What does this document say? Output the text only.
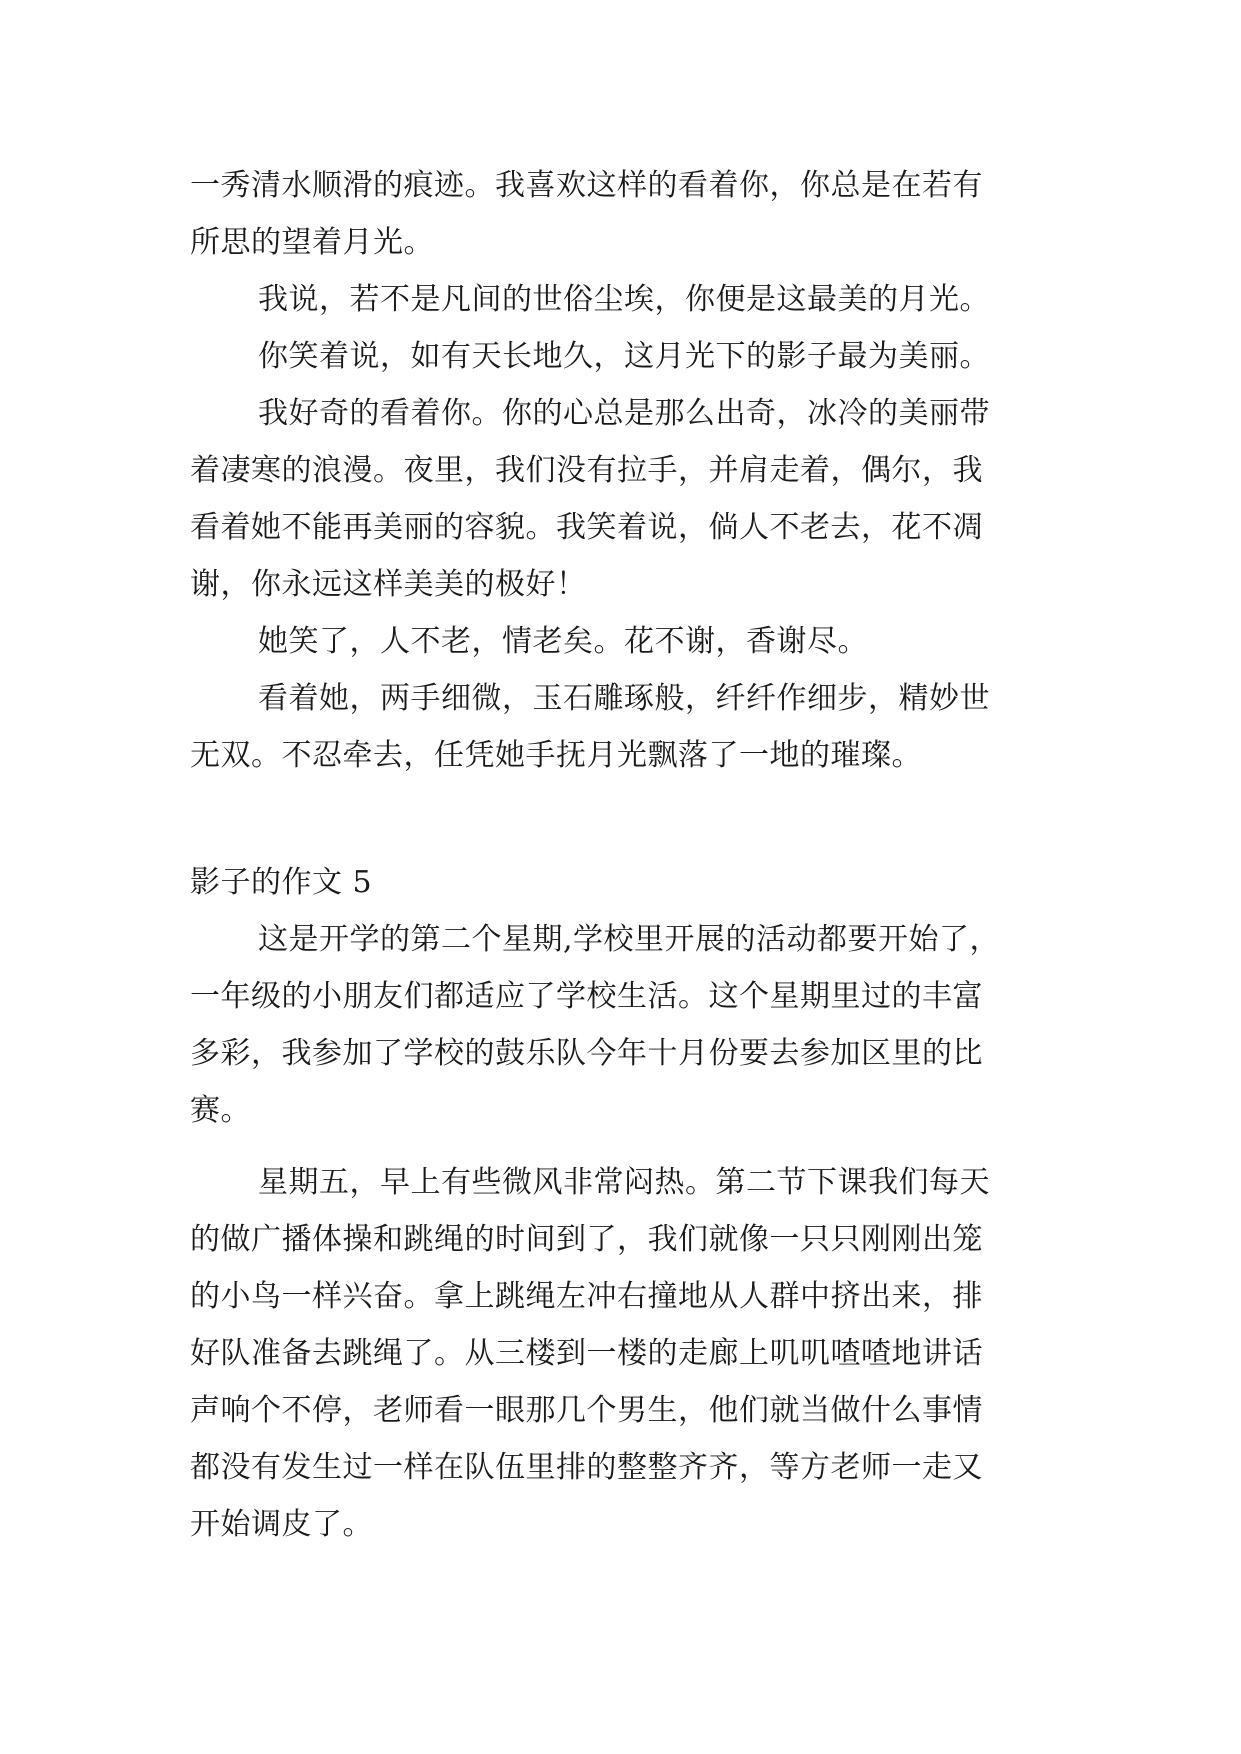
一秀清水顺滑的痕迹。我喜欢这样的看着你，你总是在若有
所思的望着月光。
我说，若不是凡间的世俗尘埃，你便是这最美的月光。
你笑着说，如有天长地久，这月光下的影子最为美丽。
我好奇的看着你。你的心总是那么出奇，冰冷的美丽带
着凄寒的浪漫。夜里，我们没有拉手，并肩走着，偶尔，我
看着她不能再美丽的容貌。我笑着说，倘人不老去，花不凋
谢，你永远这样美美的极好！
她笑了，人不老，情老矣。花不谢，香谢尽。
看着她，两手细微，玉石雕琢般，纤纤作细步，精妙世
无双。不忍牵去，任凭她手抚月光飘落了一地的璀璨。
影子的作文 5
这是开学的第二个星期,学校里开展的活动都要开始了，
一年级的小朋友们都适应了学校生活。这个星期里过的丰富
多彩，我参加了学校的鼓乐队今年十月份要去参加区里的比
赛。
星期五，早上有些微风非常闷热。第二节下课我们每天
的做广播体操和跳绳的时间到了，我们就像一只只刚刚出笼
的小鸟一样兴奋。拿上跳绳左冲右撞地从人群中挤出来，排
好队准备去跳绳了。从三楼到一楼的走廊上叽叽喳喳地讲话
声响个不停，老师看一眼那几个男生，他们就当做什么事情
都没有发生过一样在队伍里排的整整齐齐，等方老师一走又
开始调皮了。
